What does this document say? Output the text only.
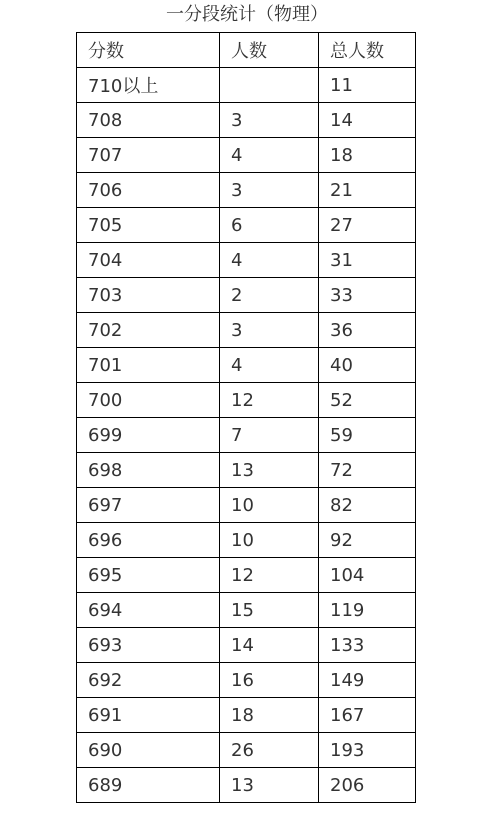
一分段统计（物理）
分数	人数	总人数
710以上		11
708	3	14
707	4	18
706	3	21
705	6	27
704	4	31
703	2	33
702	3	36
701	4	40
700	12	52
699	7	59
698	13	72
697	10	82
696	10	92
695	12	104
694	15	119
693	14	133
692	16	149
691	18	167
690	26	193
689	13	206
